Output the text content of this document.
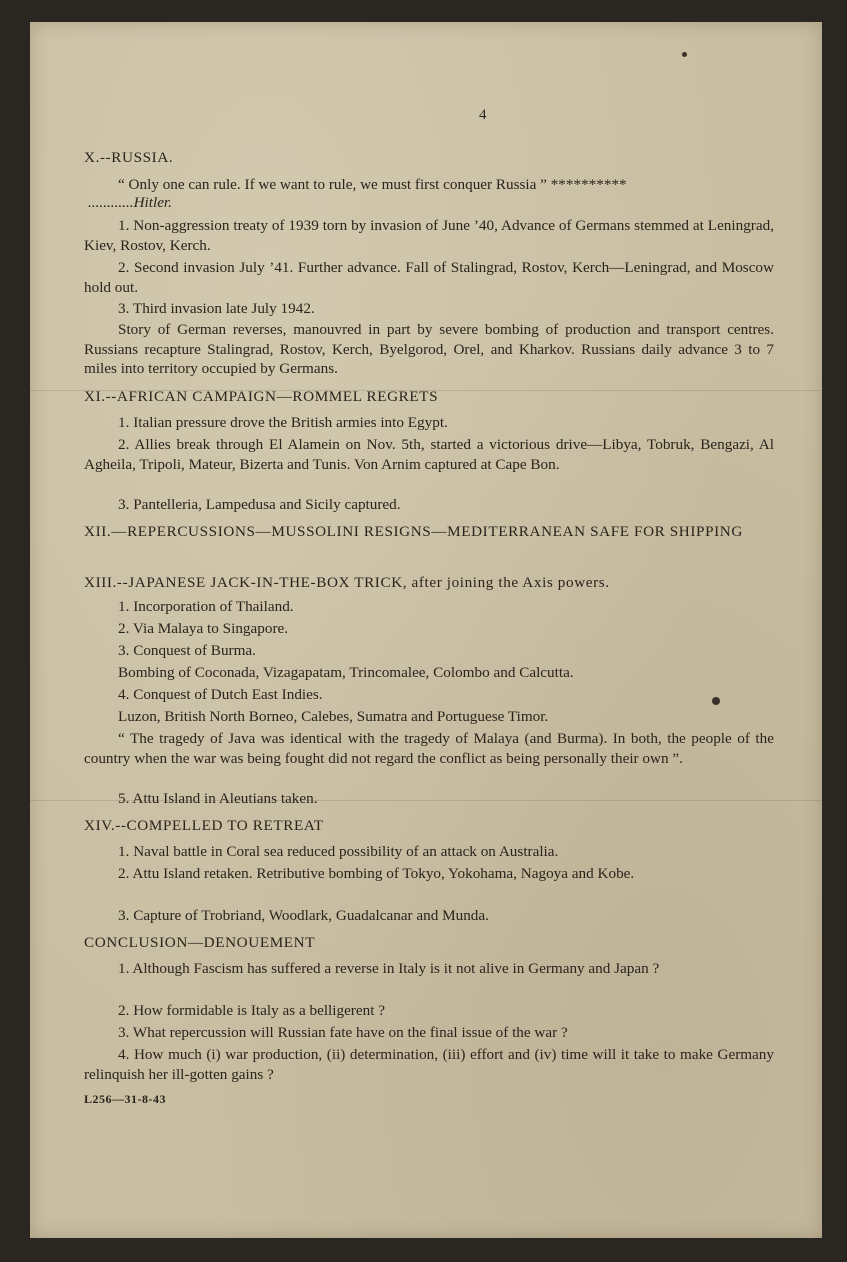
4
X.--RUSSIA.
“ Only one can rule. If we want to rule, we must first conquer Russia ” **********
............Hitler.
1. Non-aggression treaty of 1939 torn by invasion of June ’40, Advance of Germans stemmed at Leningrad, Kiev, Rostov, Kerch.
2. Second invasion July ’41. Further advance. Fall of Stalingrad, Rostov, Kerch—Leningrad, and Moscow hold out.
3. Third invasion late July 1942.
Story of German reverses, manouvred in part by severe bombing of production and transport centres. Russians recapture Stalingrad, Rostov, Kerch, Byelgorod, Orel, and Kharkov. Russians daily advance 3 to 7 miles into territory occupied by Germans.
XI.--AFRICAN CAMPAIGN—ROMMEL REGRETS
1. Italian pressure drove the British armies into Egypt.
2. Allies break through El Alamein on Nov. 5th, started a victorious drive—Libya, Tobruk, Bengazi, Al Agheila, Tripoli, Mateur, Bizerta and Tunis. Von Arnim captured at Cape Bon.
3. Pantelleria, Lampedusa and Sicily captured.
XII.—REPERCUSSIONS—MUSSOLINI RESIGNS—MEDITERRANEAN SAFE FOR SHIPPING
XIII.--JAPANESE JACK-IN-THE-BOX TRICK, after joining the Axis powers.
1. Incorporation of Thailand.
2. Via Malaya to Singapore.
3. Conquest of Burma.
Bombing of Coconada, Vizagapatam, Trincomalee, Colombo and Calcutta.
4. Conquest of Dutch East Indies.
Luzon, British North Borneo, Calebes, Sumatra and Portuguese Timor.
“ The tragedy of Java was identical with the tragedy of Malaya (and Burma). In both, the people of the country when the war was being fought did not regard the conflict as being personally their own ”.
5. Attu Island in Aleutians taken.
XIV.--COMPELLED TO RETREAT
1. Naval battle in Coral sea reduced possibility of an attack on Australia.
2. Attu Island retaken. Retributive bombing of Tokyo, Yokohama, Nagoya and Kobe.
3. Capture of Trobriand, Woodlark, Guadalcanar and Munda.
CONCLUSION—DENOUEMENT
1. Although Fascism has suffered a reverse in Italy is it not alive in Germany and Japan ?
2. How formidable is Italy as a belligerent ?
3. What repercussion will Russian fate have on the final issue of the war ?
4. How much (i) war production, (ii) determination, (iii) effort and (iv) time will it take to make Germany relinquish her ill-gotten gains ?
L256—31-8-43
